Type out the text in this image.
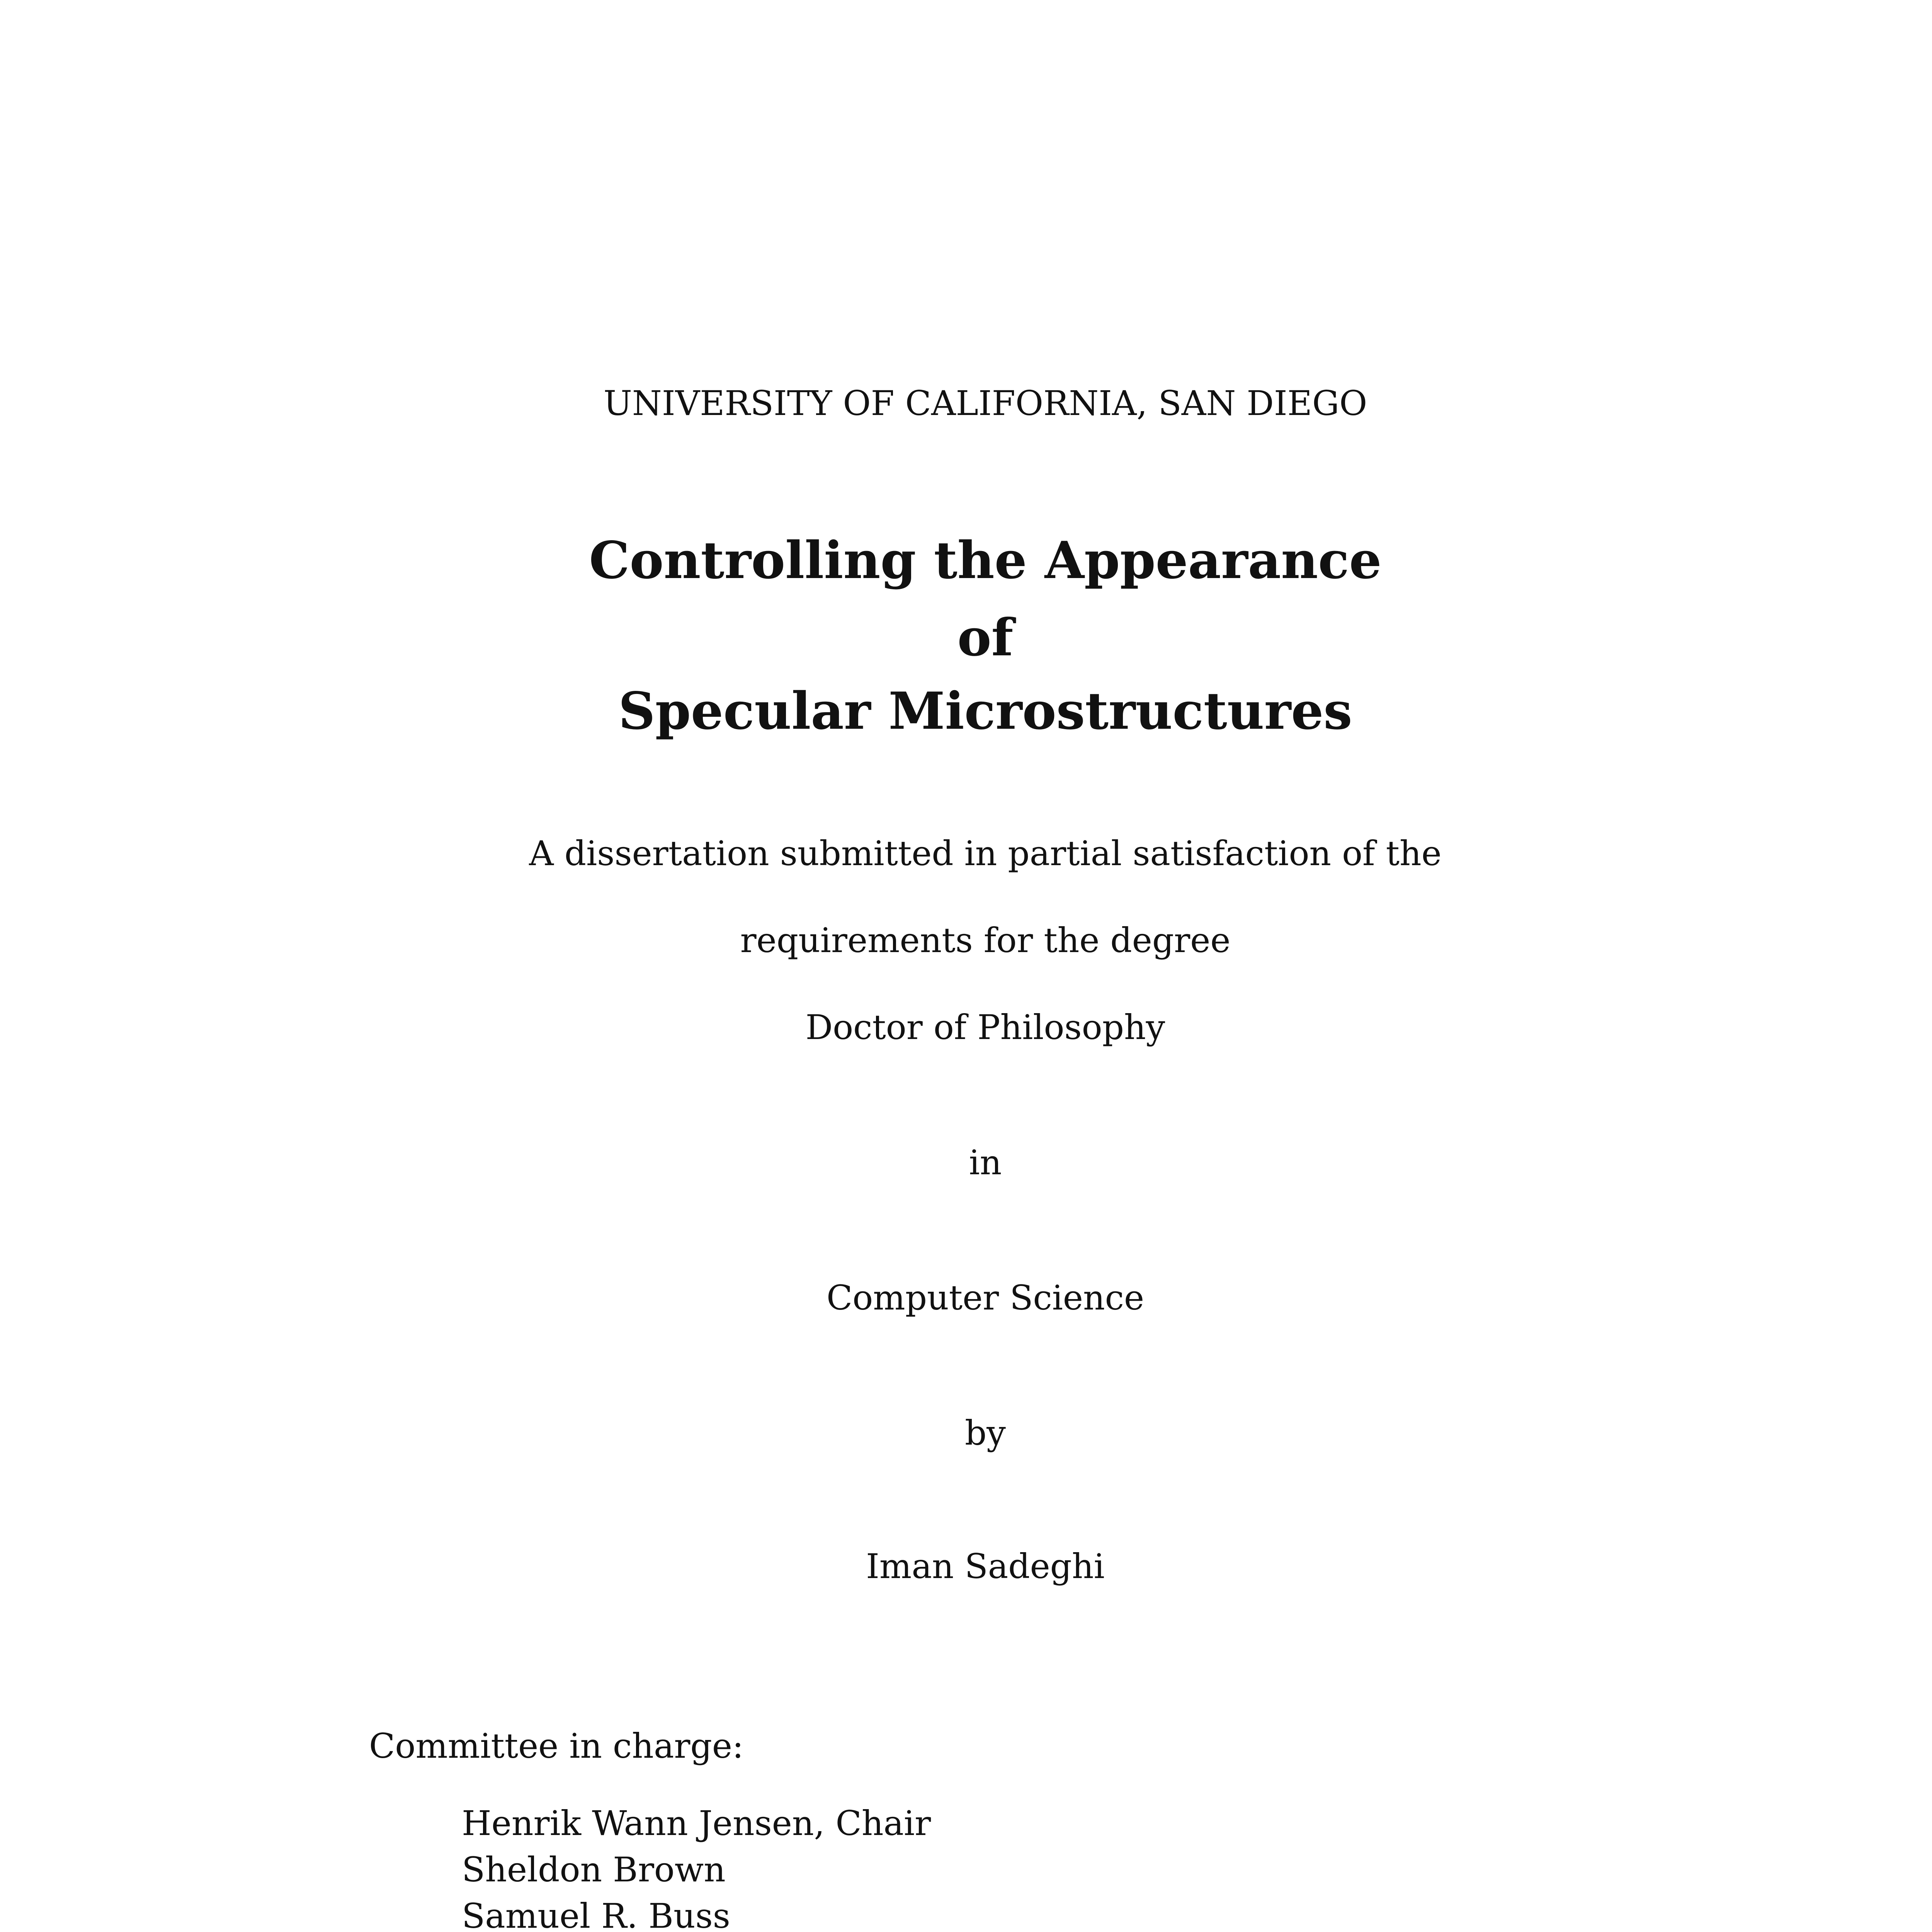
UNIVERSITY OF CALIFORNIA, SAN DIEGO
Controlling the Appearance
of
Specular Microstructures
A dissertation submitted in partial satisfaction of the
requirements for the degree
Doctor of Philosophy
in
Computer Science
by
Iman Sadeghi
Committee in charge:
Henrik Wann Jensen, Chair
Sheldon Brown
Samuel R. Buss
